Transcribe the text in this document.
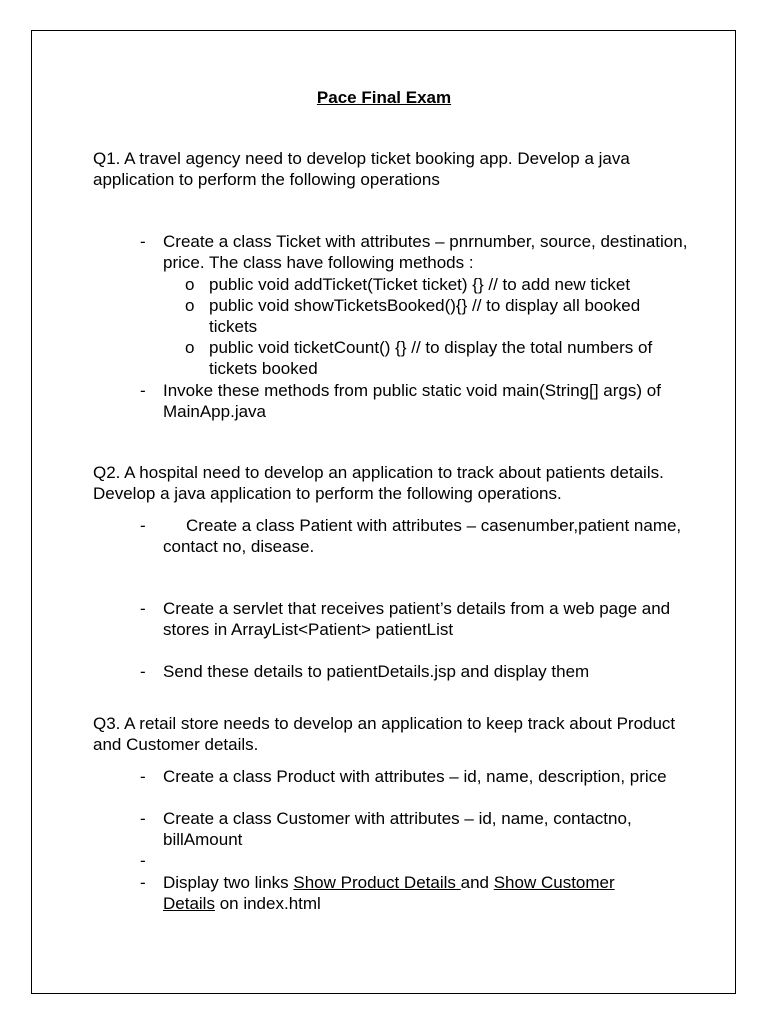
Pace Final Exam
Q1. A travel agency need to develop ticket booking app. Develop a java application to perform the following operations
- Create a class Ticket with attributes – pnrnumber, source, destination, price. The class have following methods :
o public void addTicket(Ticket ticket) {} // to add new ticket
o public void showTicketsBooked(){} // to display all booked tickets
o public void ticketCount() {} // to display the total numbers of tickets booked
- Invoke these methods from public static void main(String[] args) of MainApp.java
Q2. A hospital need to develop an application to track about patients details. Develop a java application to perform the following operations.
-	Create a class Patient with attributes – casenumber,patient name, contact no, disease.
- Create a servlet that receives patient’s details from a web page and stores in ArrayList<Patient> patientList
- Send these details to patientDetails.jsp and display them
Q3. A retail store needs to develop an application to keep track about Product and Customer details.
- Create a class Product with attributes – id, name, description, price
- Create a class Customer with attributes – id, name, contactno, billAmount
-
- Display two links Show Product Details and Show Customer
Details on index.html
